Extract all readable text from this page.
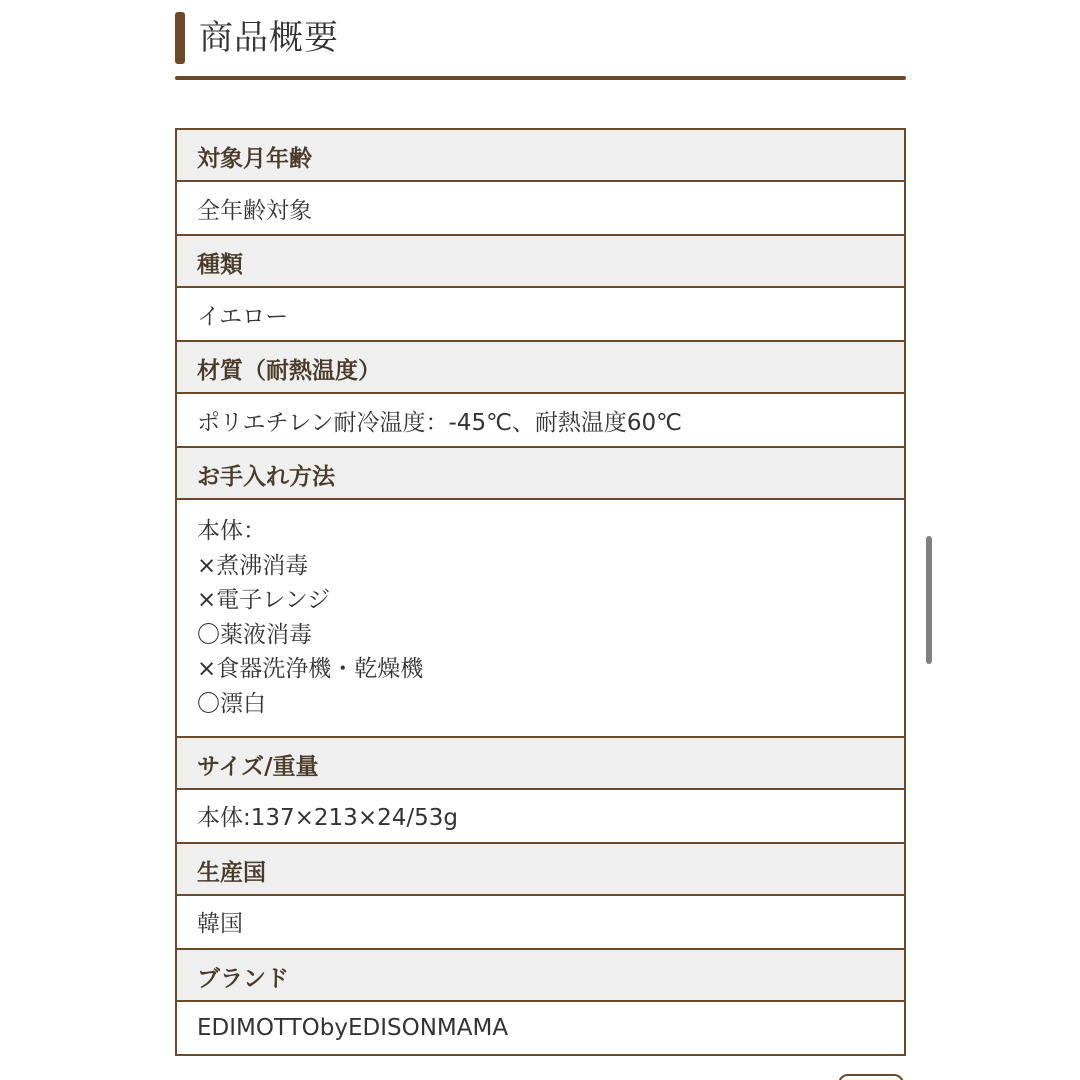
商品概要
対象月年齢
全年齢対象
種類
イエロー
材質（耐熱温度）
ポリエチレン耐冷温度：-45℃、耐熱温度60℃
お手入れ方法

本体：
×煮沸消毒
×電子レンジ
〇薬液消毒
×食器洗浄機・乾燥機
〇漂白

サイズ/重量
本体:137×213×24/53g
生産国
韓国
ブランド
EDIMOTTObyEDISONMAMA
